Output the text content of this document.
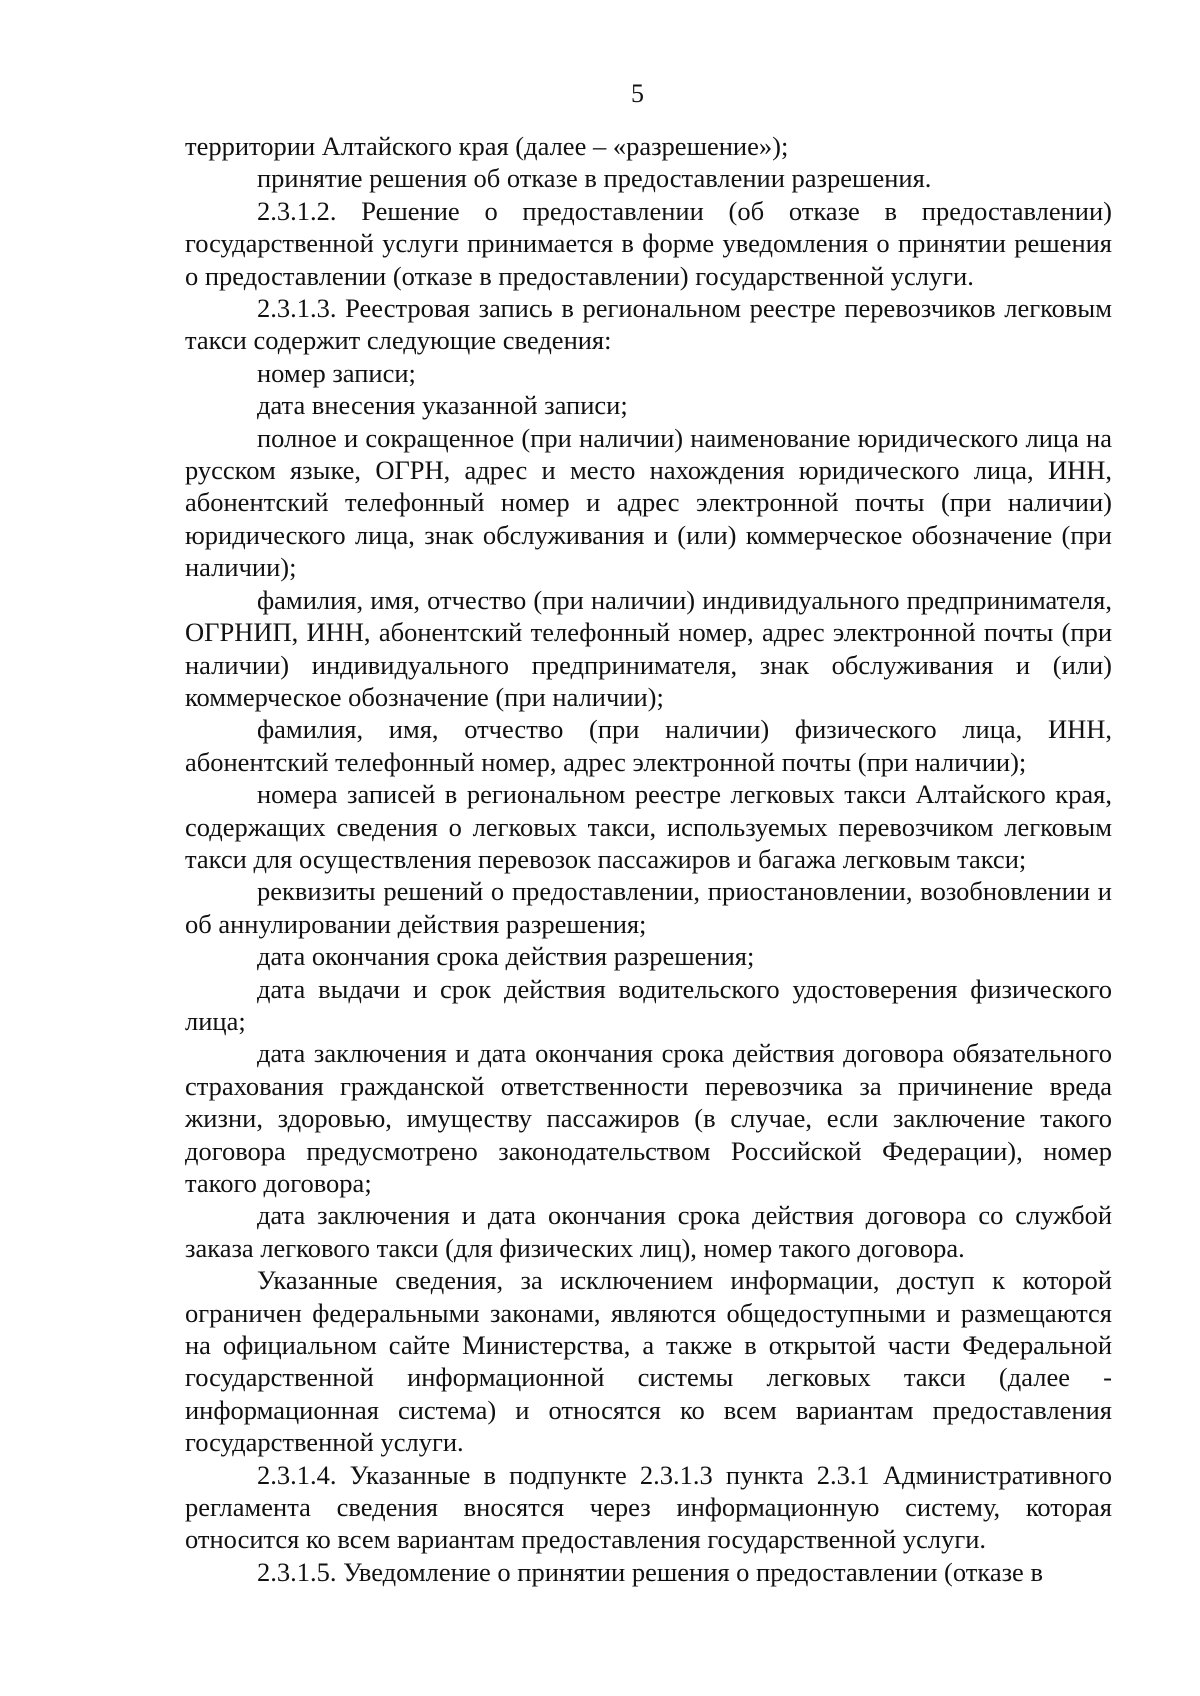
5

территории Алтайского края (далее – «разрешение»);

принятие решения об отказе в предоставлении разрешения.

2.3.1.2. Решение о предоставлении (об отказе в предоставлении) государственной услуги принимается в форме уведомления о принятии решения о предоставлении (отказе в предоставлении) государственной услуги.

2.3.1.3. Реестровая запись в региональном реестре перевозчиков легковым такси содержит следующие сведения:

номер записи;

дата внесения указанной записи;

полное и сокращенное (при наличии) наименование юридического лица на русском языке, ОГРН, адрес и место нахождения юридического лица, ИНН, абонентский телефонный номер и адрес электронной почты (при наличии) юридического лица, знак обслуживания и (или) коммерческое обозначение (при наличии);

фамилия, имя, отчество (при наличии) индивидуального предпринимателя, ОГРНИП, ИНН, абонентский телефонный номер, адрес электронной почты (при наличии) индивидуального предпринимателя, знак обслуживания и (или) коммерческое обозначение (при наличии);

фамилия, имя, отчество (при наличии) физического лица, ИНН, абонентский телефонный номер, адрес электронной почты (при наличии);

номера записей в региональном реестре легковых такси Алтайского края, содержащих сведения о легковых такси, используемых перевозчиком легковым такси для осуществления перевозок пассажиров и багажа легковым такси;

реквизиты решений о предоставлении, приостановлении, возобновлении и об аннулировании действия разрешения;

дата окончания срока действия разрешения;

дата выдачи и срок действия водительского удостоверения физического лица;

дата заключения и дата окончания срока действия договора обязательного страхования гражданской ответственности перевозчика за причинение вреда жизни, здоровью, имуществу пассажиров (в случае, если заключение такого договора предусмотрено законодательством Российской Федерации), номер такого договора;

дата заключения и дата окончания срока действия договора со службой заказа легкового такси (для физических лиц), номер такого договора.

Указанные сведения, за исключением информации, доступ к которой ограничен федеральными законами, являются общедоступными и размещаются на официальном сайте Министерства, а также в открытой части Федеральной государственной информационной системы легковых такси (далее - информационная система) и относятся ко всем вариантам предоставления государственной услуги.

2.3.1.4. Указанные в подпункте 2.3.1.3 пункта 2.3.1 Административного регламента сведения вносятся через информационную систему, которая относится ко всем вариантам предоставления государственной услуги.

2.3.1.5. Уведомление о принятии решения о предоставлении (отказе в
